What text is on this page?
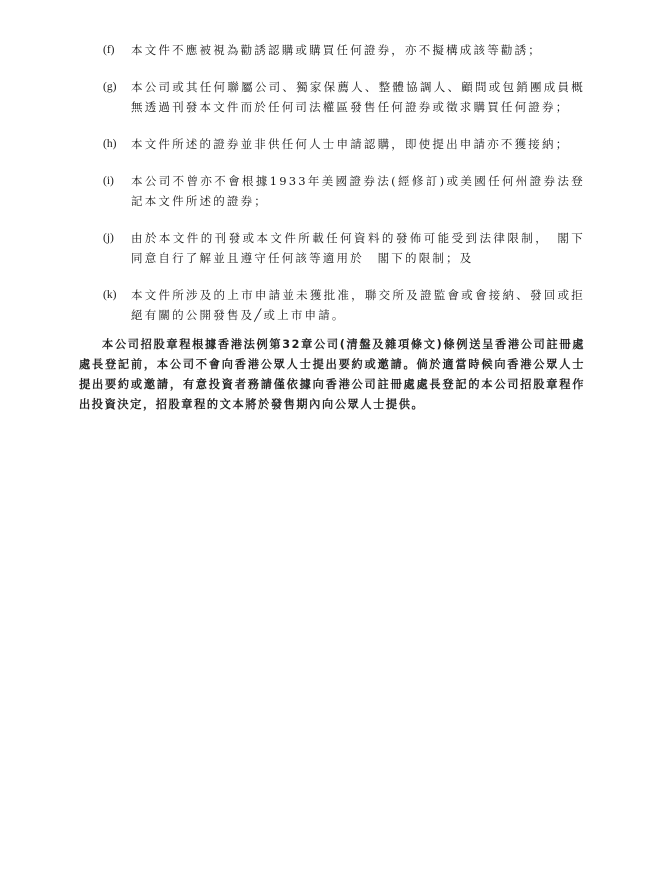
(f) 本文件不應被視為勸誘認購或購買任何證券，亦不擬構成該等勸誘；
(g) 本公司或其任何聯屬公司、獨家保薦人、整體協調人、顧問或包銷團成員概無透過刊發本文件而於任何司法權區發售任何證券或徵求購買任何證券；
(h) 本文件所述的證券並非供任何人士申請認購，即使提出申請亦不獲接納；
(i) 本公司不曾亦不會根據1933年美國證券法(經修訂)或美國任何州證券法登記本文件所述的證券；
(j) 由於本文件的刊發或本文件所載任何資料的發佈可能受到法律限制，　閣下同意自行了解並且遵守任何該等適用於　閣下的限制；及
(k) 本文件所涉及的上市申請並未獲批准，聯交所及證監會或會接納、發回或拒絕有關的公開發售及╱或上市申請。

本公司招股章程根據香港法例第32章公司(清盤及雜項條文)條例送呈香港公司註冊處處長登記前，本公司不會向香港公眾人士提出要約或邀請。倘於適當時候向香港公眾人士提出要約或邀請，有意投資者務請僅依據向香港公司註冊處處長登記的本公司招股章程作出投資決定，招股章程的文本將於發售期內向公眾人士提供。
